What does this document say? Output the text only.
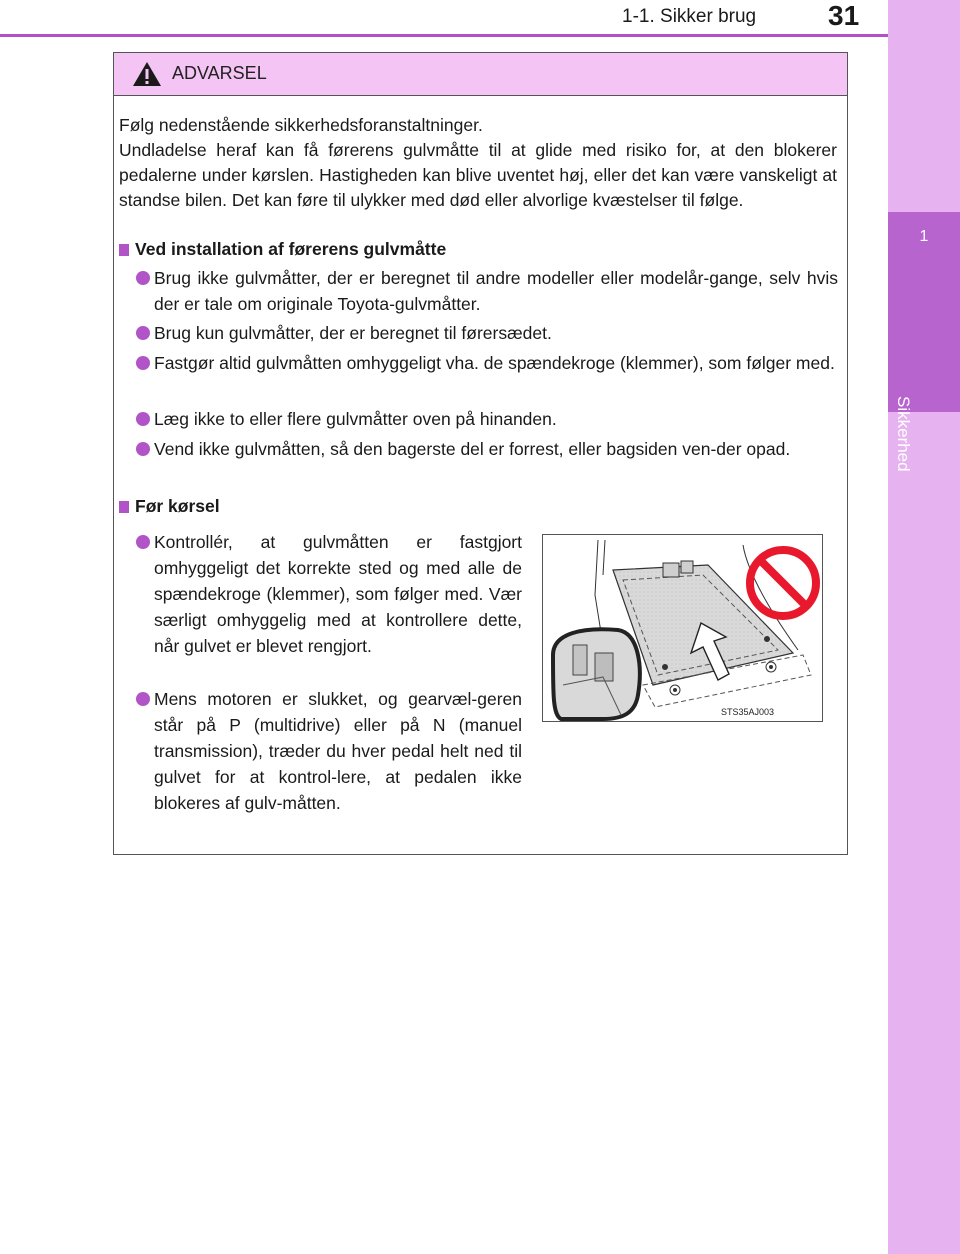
1-1. Sikker brug	31
1
Sikkerhed
ADVARSEL

Følg nedenstående sikkerhedsforanstaltninger.

Undladelse heraf kan få førerens gulvmåtte til at glide med risiko for, at den blokerer pedalerne under kørslen. Hastigheden kan blive uventet høj, eller det kan være vanskeligt at standse bilen. Det kan føre til ulykker med død eller alvorlige kvæstelser til følge.

Ved installation af førerens gulvmåtte
Brug ikke gulvmåtter, der er beregnet til andre modeller eller modelår-gange, selv hvis der er tale om originale Toyota-gulvmåtter.
Brug kun gulvmåtter, der er beregnet til førersædet.
Fastgør altid gulvmåtten omhyggeligt vha. de spændekroge (klemmer), som følger med.
Læg ikke to eller flere gulvmåtter oven på hinanden.
Vend ikke gulvmåtten, så den bagerste del er forrest, eller bagsiden ven-der opad.
Før kørsel
Kontrollér, at gulvmåtten er fastgjort omhyggeligt det korrekte sted og med alle de spændekroge (klemmer), som følger med. Vær særligt omhyggelig med at kontrollere dette, når gulvet er blevet rengjort.
Mens motoren er slukket, og gearvæl-geren står på P (multidrive) eller på N (manuel transmission), træder du hver pedal helt ned til gulvet for at kontrol-lere, at pedalen ikke blokeres af gulv-måtten.
STS35AJ003
